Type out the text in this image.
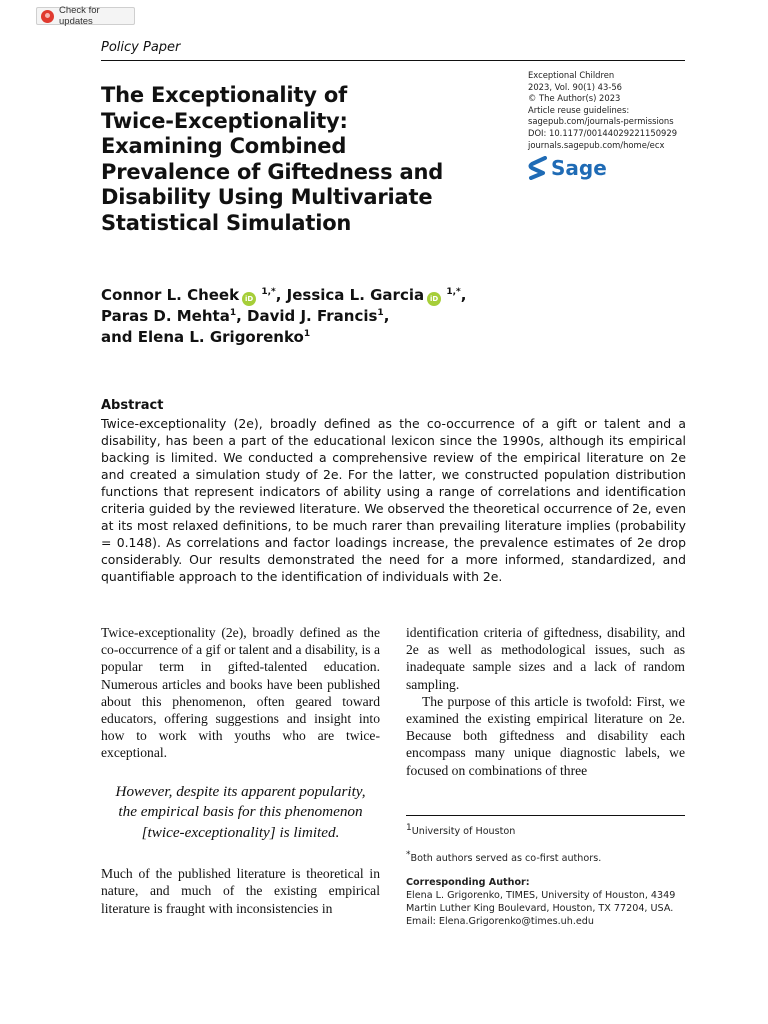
Check for updates
Policy Paper
The Exceptionality of
Twice-Exceptionality:
Examining Combined
Prevalence of Giftedness and
Disability Using Multivariate
Statistical Simulation
Exceptional Children
2023, Vol. 90(1) 43-56
© The Author(s) 2023
Article reuse guidelines:
sagepub.com/journals-permissions
DOI: 10.1177/00144029221150929
journals.sagepub.com/home/ecx
Sage
Connor L. Cheek iD $^{1,*}$, Jessica L. Garcia iD $^{1,*}$,
Paras D. Mehta$^1$, David J. Francis$^1$,
and Elena L. Grigorenko$^1$
Abstract

Twice-exceptionality (2e), broadly defined as the co-occurrence of a gift or talent and a disability, has been a part of the educational lexicon since the 1990s, although its empirical backing is limited. We conducted a comprehensive review of the empirical literature on 2e and created a simulation study of 2e. For the latter, we constructed population distribution functions that represent indicators of ability using a range of correlations and identification criteria guided by the reviewed literature. We observed the theoretical occurrence of 2e, even at its most relaxed definitions, to be much rarer than prevailing literature implies (probability = 0.148). As correlations and factor loadings increase, the prevalence estimates of 2e drop considerably. Our results demonstrated the need for a more informed, standardized, and quantifiable approach to the identification of individuals with 2e.

Twice-exceptionality (2e), broadly defined as the co-occurrence of a gif or talent and a disability, is a popular term in gifted-talented education. Numerous articles and books have been published about this phenomenon, often geared toward educators, offering suggestions and insight into how to work with youths who are twice-exceptional.

However, despite its apparent popularity, the empirical basis for this phenomenon [twice-exceptionality] is limited.

Much of the published literature is theoretical in nature, and much of the existing empirical literature is fraught with inconsistencies in

identification criteria of giftedness, disability, and 2e as well as methodological issues, such as inadequate sample sizes and a lack of random sampling.

The purpose of this article is twofold: First, we examined the existing empirical literature on 2e. Because both giftedness and disability each encompass many unique diagnostic labels, we focused on combinations of three

$^1$University of Houston
*Both authors served as co-first authors.
Corresponding Author:
Elena L. Grigorenko, TIMES, University of Houston, 4349
Martin Luther King Boulevard, Houston, TX 77204, USA.
Email: Elena.Grigorenko@times.uh.edu
